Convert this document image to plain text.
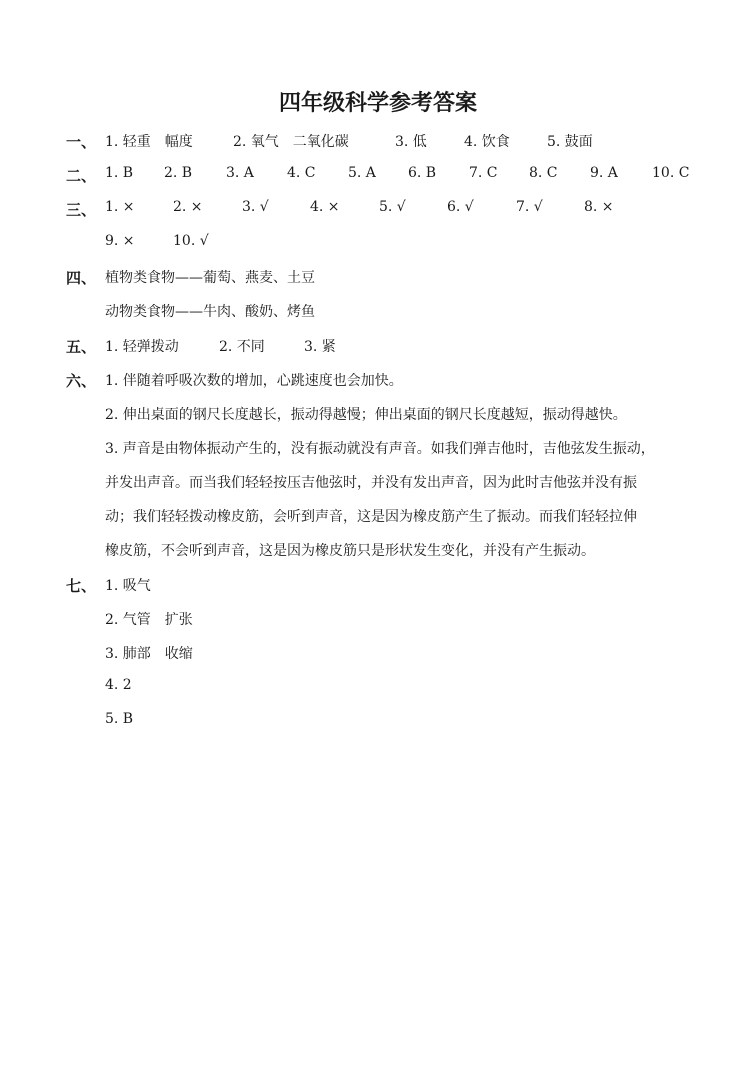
四年级科学参考答案
一、 1. 轻重　幅度	2. 氧气　二氧化碳	3. 低	4. 饮食	5. 鼓面
二、 1. B 2. B 3. A 4. C 5. A 6. B 7. C 8. C 9. A 10. C
三、 1. ×	2. ×	3. √	4. ×	5. √	6. √	7. √	8. ×
9. ×	10. √
四、 植物类食物——葡萄、燕麦、土豆
动物类食物——牛肉、酸奶、烤鱼
五、 1. 轻弹拨动	2. 不同	3. 紧
六、 1. 伴随着呼吸次数的增加，心跳速度也会加快。
2. 伸出桌面的钢尺长度越长，振动得越慢；伸出桌面的钢尺长度越短，振动得越快。
3. 声音是由物体振动产生的，没有振动就没有声音。如我们弹吉他时，吉他弦发生振动，
并发出声音。而当我们轻轻按压吉他弦时，并没有发出声音，因为此时吉他弦并没有振
动；我们轻轻拨动橡皮筋，会听到声音，这是因为橡皮筋产生了振动。而我们轻轻拉伸
橡皮筋，不会听到声音，这是因为橡皮筋只是形状发生变化，并没有产生振动。
七、 1. 吸气
2. 气管　扩张
3. 肺部　收缩
4. 2
5. B
